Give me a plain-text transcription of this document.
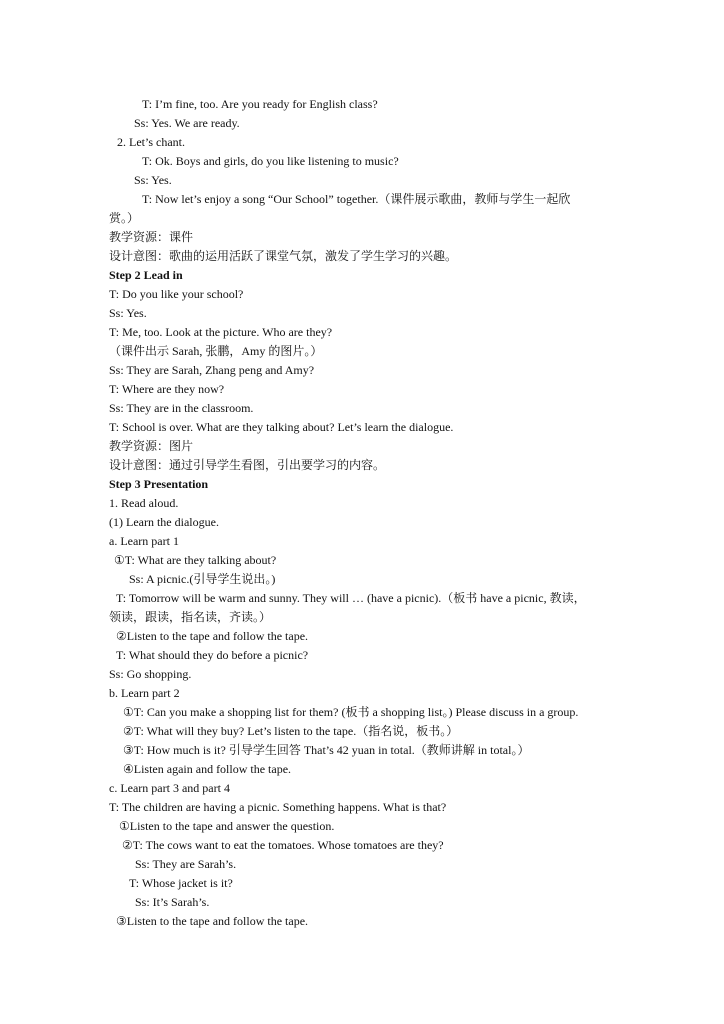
T: I’m fine, too. Are you ready for English class?
Ss: Yes. We are ready.
2. Let’s chant.
T: Ok. Boys and girls, do you like listening to music?
Ss: Yes.
T: Now let’s enjoy a song “Our School” together.（课件展示歌曲，教师与学生一起欣
赏。）
教学资源：课件
设计意图：歌曲的运用活跃了课堂气氛，激发了学生学习的兴趣。
Step 2 Lead in
T: Do you like your school?
Ss: Yes.
T: Me, too. Look at the picture. Who are they?
（课件出示 Sarah, 张鹏，Amy 的图片。）
Ss: They are Sarah, Zhang peng and Amy?
T: Where are they now?
Ss: They are in the classroom.
T: School is over. What are they talking about? Let’s learn the dialogue.
教学资源：图片
设计意图：通过引导学生看图，引出要学习的内容。
Step 3 Presentation
1. Read aloud.
(1) Learn the dialogue.
a. Learn part 1
①T: What are they talking about?
Ss: A picnic.(引导学生说出。)
T: Tomorrow will be warm and sunny. They will … (have a picnic).（板书 have a picnic, 教读，
领读，跟读，指名读，齐读。）
②Listen to the tape and follow the tape.
T: What should they do before a picnic?
Ss: Go shopping.
b. Learn part 2
①T: Can you make a shopping list for them? (板书 a shopping list。) Please discuss in a group.
②T: What will they buy? Let’s listen to the tape.（指名说，板书。）
③T: How much is it? 引导学生回答 That’s 42 yuan in total.（教师讲解 in total。）
④Listen again and follow the tape.
c. Learn part 3 and part 4
T: The children are having a picnic. Something happens. What is that?
①Listen to the tape and answer the question.
②T: The cows want to eat the tomatoes. Whose tomatoes are they?
Ss: They are Sarah’s.
T: Whose jacket is it?
Ss: It’s Sarah’s.
③Listen to the tape and follow the tape.
